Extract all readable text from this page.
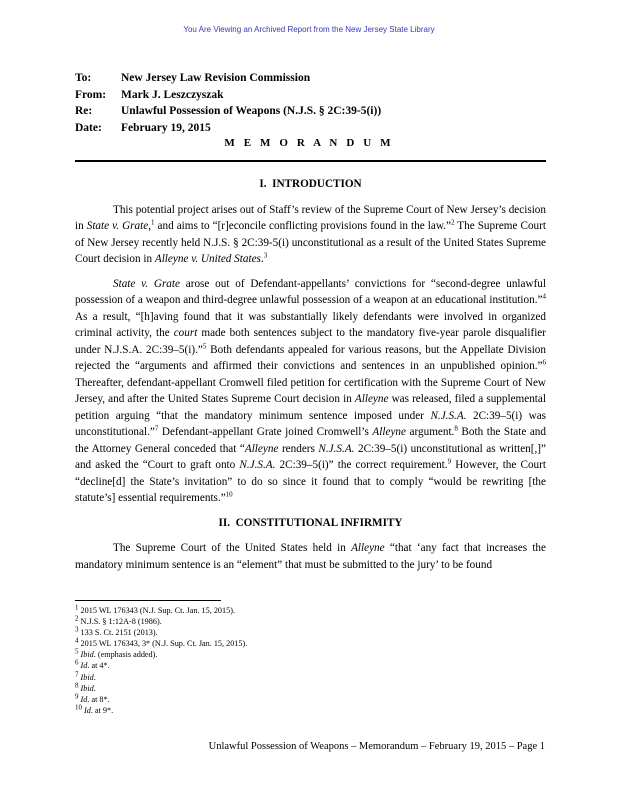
You Are Viewing an Archived Report from the New Jersey State Library
To:	New Jersey Law Revision Commission
From:	Mark J. Leszczyszak
Re:	Unlawful Possession of Weapons (N.J.S. § 2C:39-5(i))
Date:	February 19, 2015
M E M O R A N D U M
I.  INTRODUCTION

This potential project arises out of Staff’s review of the Supreme Court of New Jersey’s decision in State v. Grate,$^1$ and aims to “[r]econcile conflicting provisions found in the law.”$^2$ The Supreme Court of New Jersey recently held N.J.S. § 2C:39-5(i) unconstitutional as a result of the United States Supreme Court decision in Alleyne v. United States.$^3$

State v. Grate arose out of Defendant-appellants’ convictions for “second-degree unlawful possession of a weapon and third-degree unlawful possession of a weapon at an educational institution.”$^4$ As a result, “[h]aving found that it was substantially likely defendants were involved in organized criminal activity, the court made both sentences subject to the mandatory five-year parole disqualifier under N.J.S.A. 2C:39–5(i).”$^5$ Both defendants appealed for various reasons, but the Appellate Division rejected the “arguments and affirmed their convictions and sentences in an unpublished opinion.”$^6$ Thereafter, defendant-appellant Cromwell filed petition for certification with the Supreme Court of New Jersey, and after the United States Supreme Court decision in Alleyne was released, filed a supplemental petition arguing “that the mandatory minimum sentence imposed under N.J.S.A. 2C:39–5(i) was unconstitutional.”$^7$ Defendant-appellant Grate joined Cromwell’s Alleyne argument.$^8$ Both the State and the Attorney General conceded that “Alleyne renders N.J.S.A. 2C:39–5(i) unconstitutional as written[,]” and asked the “Court to graft onto N.J.S.A. 2C:39–5(i)” the correct requirement.$^9$ However, the Court “decline[d] the State’s invitation” to do so since it found that to comply “would be rewriting [the statute’s] essential requirements.”$^{10}$

II.  CONSTITUTIONAL INFIRMITY

The Supreme Court of the United States held in Alleyne “that ‘any fact that increases the mandatory minimum sentence is an “element” that must be submitted to the jury’ to be found

$^1$ 2015 WL 176343 (N.J. Sup. Ct. Jan. 15, 2015).
$^2$ N.J.S. § 1:12A-8 (1986).
$^3$ 133 S. Ct. 2151 (2013).
$^4$ 2015 WL 176343, 3* (N.J. Sup. Ct. Jan. 15, 2015).
$^5$ Ibid. (emphasis added).
$^6$ Id. at 4*.
$^7$ Ibid.
$^8$ Ibid.
$^9$ Id. at 8*.
$^{10}$ Id. at 9*.
Unlawful Possession of Weapons – Memorandum – February 19, 2015 – Page 1
